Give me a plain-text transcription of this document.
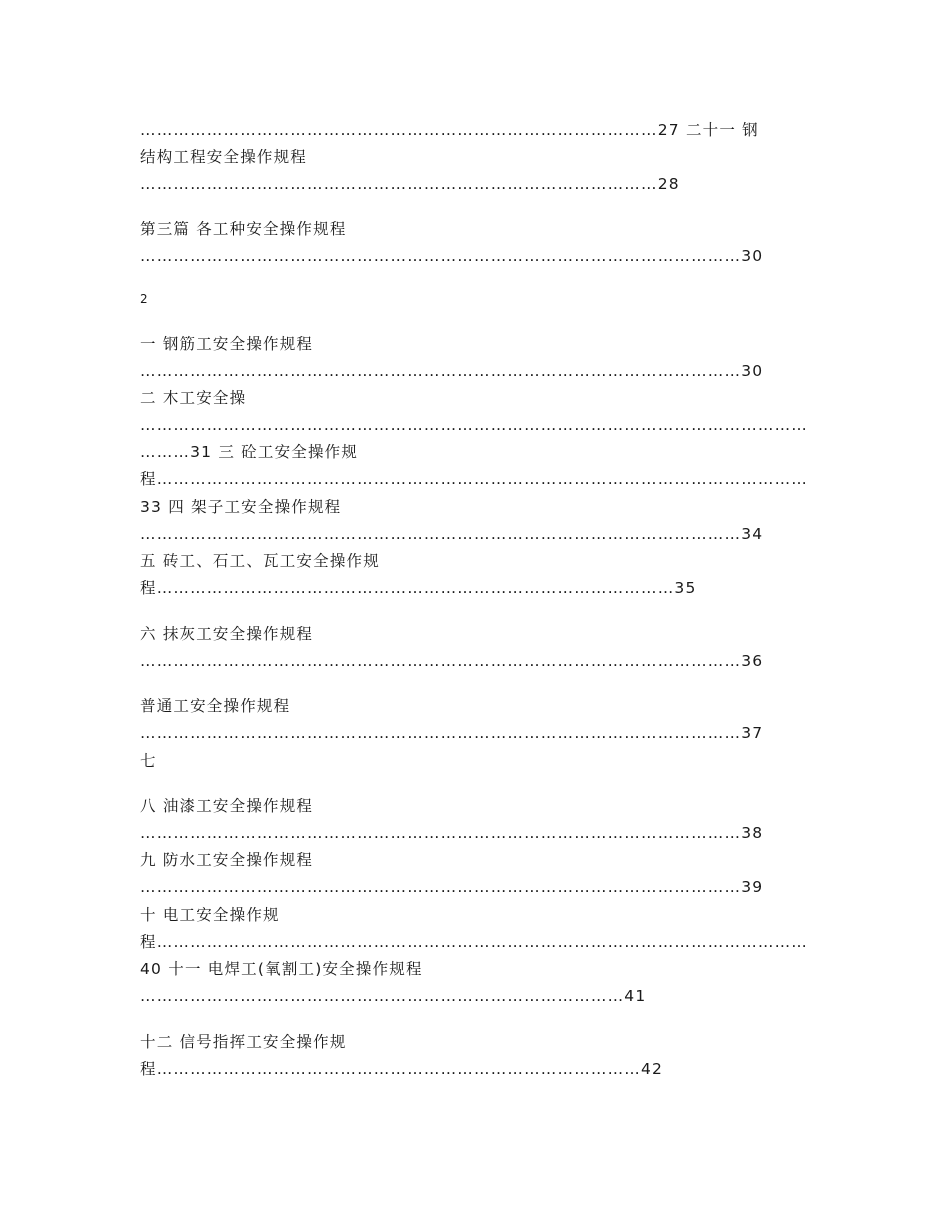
…………………………………………………………………………………27 二十一 钢
结构工程安全操作规程
…………………………………………………………………………………28
第三篇 各工种安全操作规程
………………………………………………………………………………………………30
2
一 钢筋工安全操作规程
………………………………………………………………………………………………30
二 木工安全操
…………………………………………………………………………………………………………
………31 三 砼工安全操作规
程………………………………………………………………………………………………………
33 四 架子工安全操作规程
………………………………………………………………………………………………34
五 砖工、石工、瓦工安全操作规
程…………………………………………………………………………………35
六 抹灰工安全操作规程
………………………………………………………………………………………………36
普通工安全操作规程
………………………………………………………………………………………………37
七
八 油漆工安全操作规程
………………………………………………………………………………………………38
九 防水工安全操作规程
………………………………………………………………………………………………39
十 电工安全操作规
程………………………………………………………………………………………………………
40 十一 电焊工(氧割工)安全操作规程
……………………………………………………………………………41
十二 信号指挥工安全操作规
程……………………………………………………………………………42
